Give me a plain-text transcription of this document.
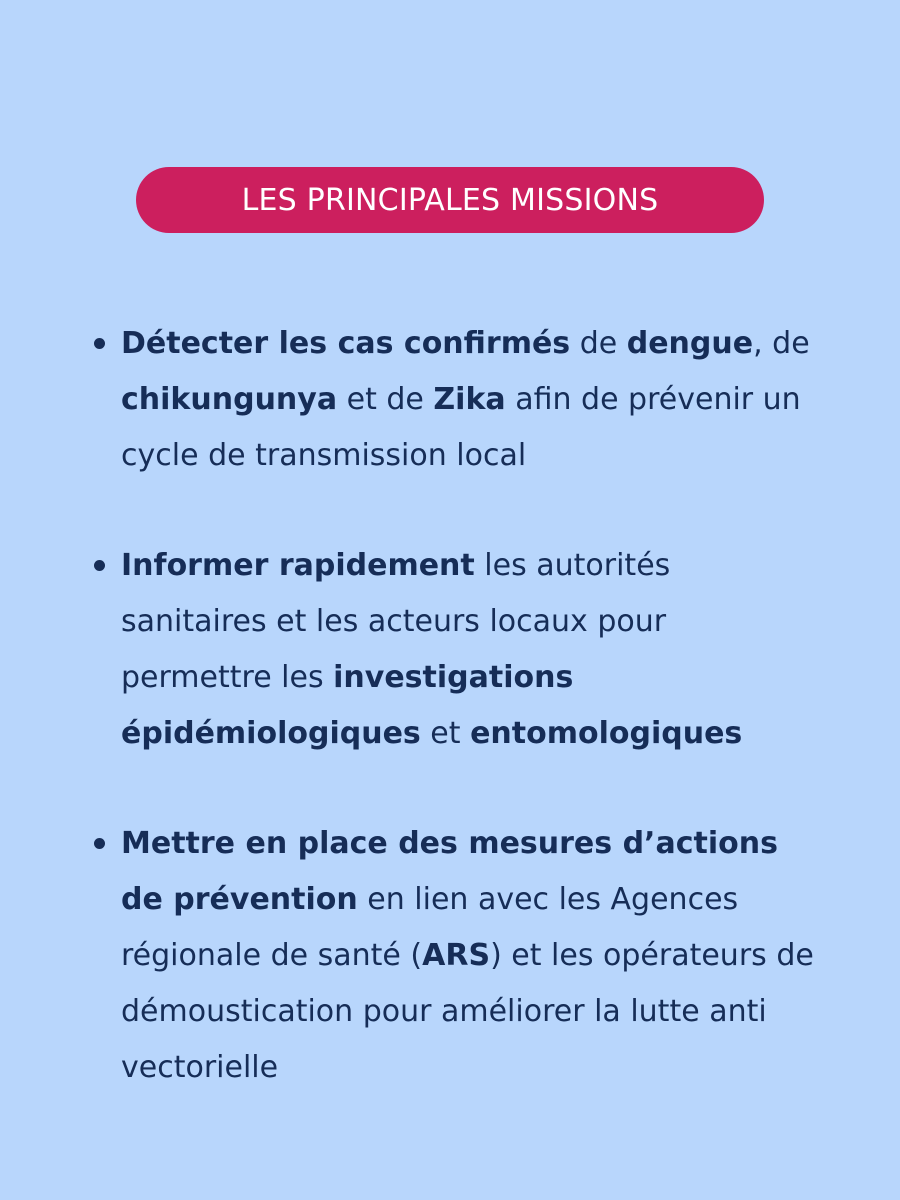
LES PRINCIPALES MISSIONS
Détecter les cas confirmés de dengue, de chikungunya et de Zika afin de prévenir un cycle de transmission local
Informer rapidement les autorités sanitaires et les acteurs locaux pour permettre les investigations épidémiologiques et entomologiques
Mettre en place des mesures d’actions de prévention en lien avec les Agences régionale de santé (ARS) et les opérateurs de démoustication pour améliorer la lutte anti vectorielle
